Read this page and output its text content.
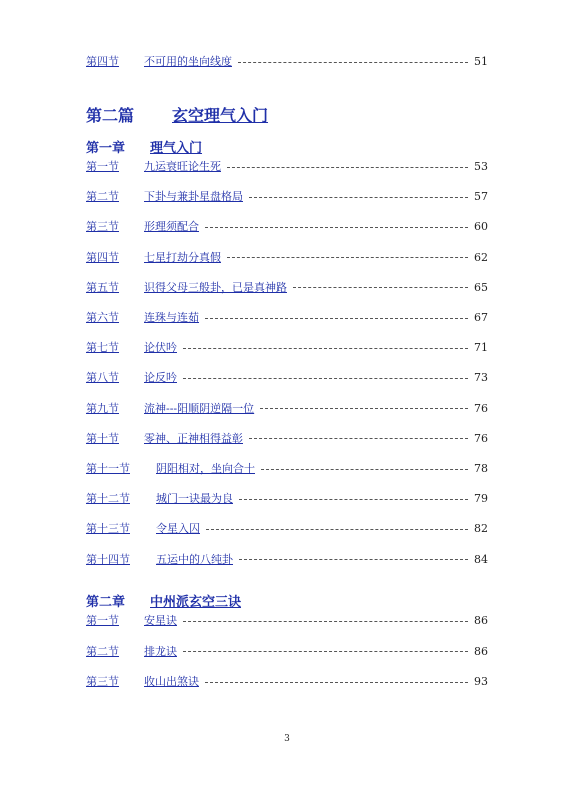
第四节	不可用的坐向线度	51
第二篇 玄空理气入门
第一章 理气入门
第一节	九运衰旺论生死	53
第二节	下卦与兼卦星盘格局	57
第三节	形理须配合	60
第四节	七星打劫分真假	62
第五节	识得父母三般卦，已是真神路	65
第六节	连珠与连茹	67
第七节	论伏吟	71
第八节	论反吟	73
第九节	流神---阳顺阴逆隔一位	76
第十节	零神、正神相得益彰	76
第十一节	阴阳相对，坐向合十	78
第十二节	城门一诀最为良	79
第十三节	令星入囚	82
第十四节	五运中的八纯卦	84
第二章 中州派玄空三诀
第一节	安星诀	86
第二节	排龙诀	86
第三节	收山出煞诀	93
3
